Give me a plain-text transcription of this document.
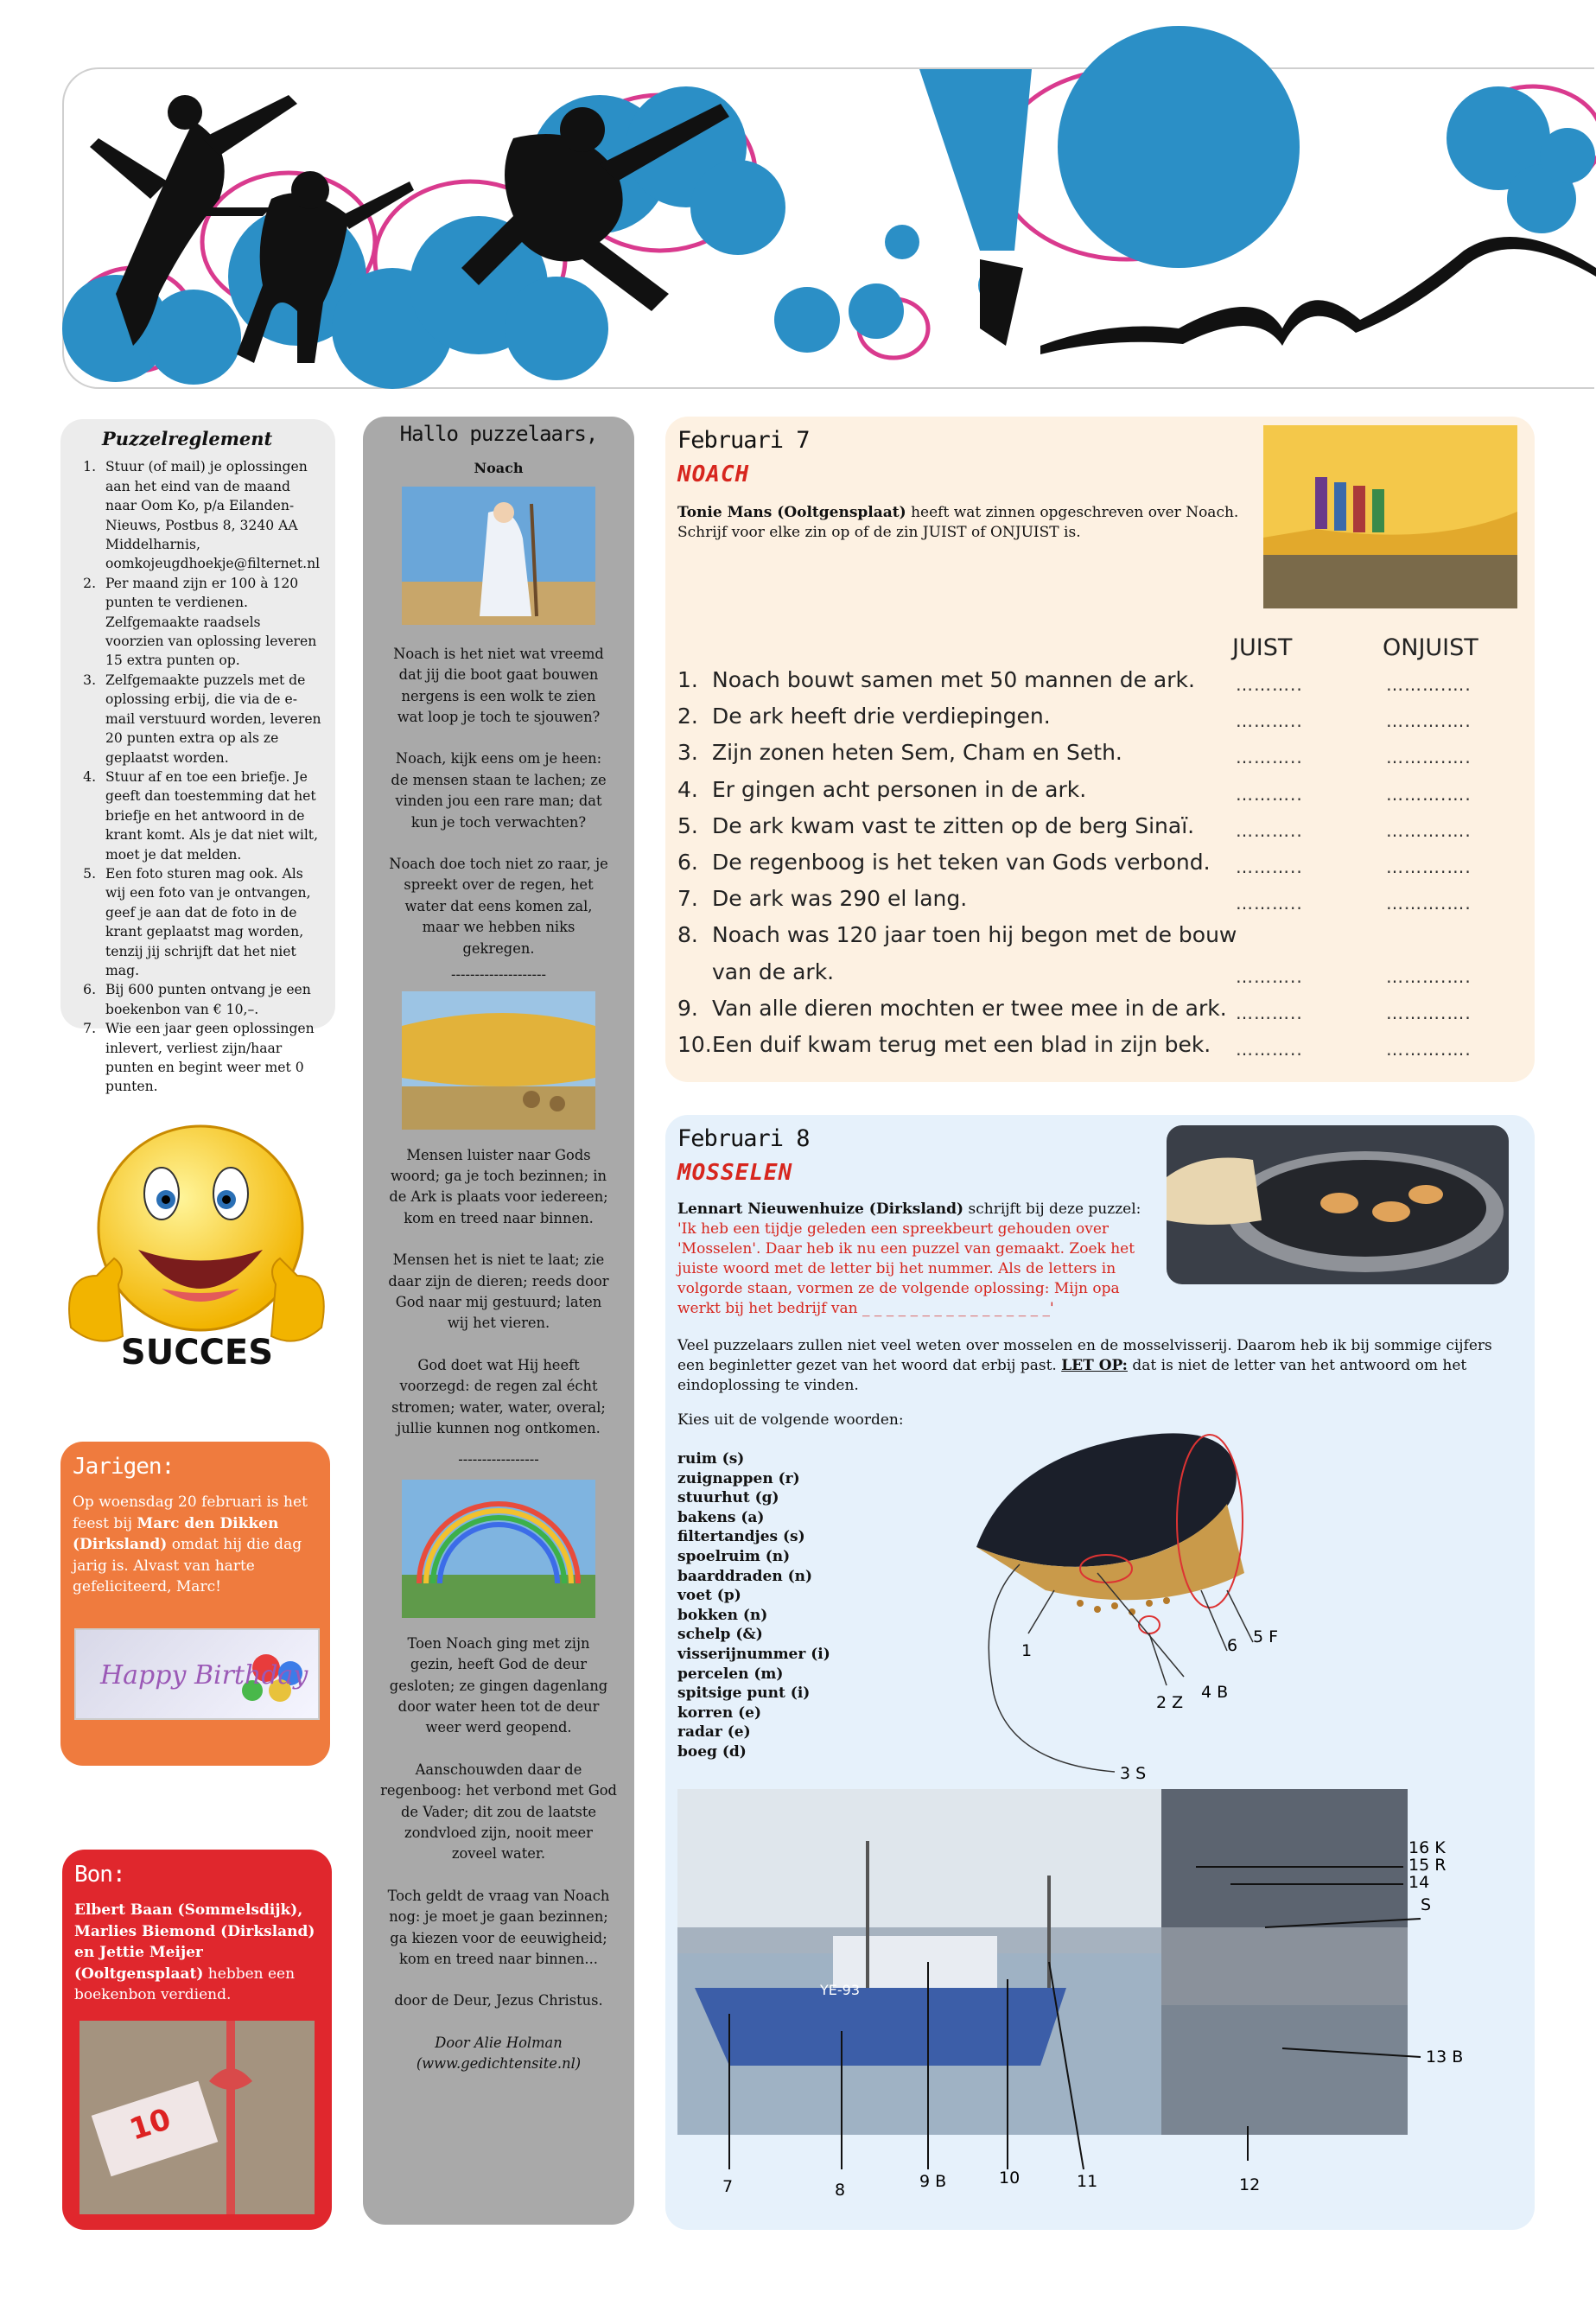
Puzzelreglement
1. Stuur (of mail) je oplossingen aan het eind van de maand naar Oom Ko, p/a Eilanden-Nieuws, Postbus 8, 3240 AA Middelharnis, oomkojeugdhoekje@filternet.nl
2. Per maand zijn er 100 à 120 punten te verdienen. Zelfgemaakte raadsels voorzien van oplossing leveren 15 extra punten op.
3. Zelfgemaakte puzzels met de oplossing erbij, die via de e-mail verstuurd worden, leveren 20 punten extra op als ze geplaatst worden.
4. Stuur af en toe een briefje. Je geeft dan toestemming dat het briefje en het antwoord in de krant komt. Als je dat niet wilt, moet je dat melden.
5. Een foto sturen mag ook. Als wij een foto van je ontvangen, geef je aan dat de foto in de krant geplaatst mag worden, tenzij jij schrijft dat het niet mag.
6. Bij 600 punten ontvang je een boekenbon van € 10,–.
7. Wie een jaar geen oplossingen inlevert, verliest zijn/haar punten en begint weer met 0 punten.
SUCCES
Jarigen:
Op woensdag 20 februari is het feest bij Marc den Dikken (Dirksland) omdat hij die dag jarig is. Alvast van harte gefeliciteerd, Marc!
Happy Birthday
Bon:
Elbert Baan (Sommelsdijk), Marlies Biemond (Dirksland) en Jettie Meijer (Ooltgensplaat) hebben een boekenbon verdiend.
10
Hallo puzzelaars,
Noach

Noach is het niet wat vreemd dat jij die boot gaat bouwen nergens is een wolk te zien wat loop je toch te sjouwen?

Noach, kijk eens om je heen: de mensen staan te lachen; ze vinden jou een rare man; dat kun je toch verwachten?

Noach doe toch niet zo raar, je spreekt over de regen, het water dat eens komen zal, maar we hebben niks gekregen.

--------------------

Mensen luister naar Gods woord; ga je toch bezinnen; in de Ark is plaats voor iedereen; kom en treed naar binnen.

Mensen het is niet te laat; zie daar zijn de dieren; reeds door God naar mij gestuurd; laten wij het vieren.

God doet wat Hij heeft voorzegd: de regen zal écht stromen; water, water, overal; jullie kunnen nog ontkomen.

-----------------

Toen Noach ging met zijn gezin, heeft God de deur gesloten; ze gingen dagenlang door water heen tot de deur weer werd geopend.

Aanschouwden daar de regenboog: het verbond met God de Vader; dit zou de laatste zondvloed zijn, nooit meer zoveel water.

Toch geldt de vraag van Noach nog: je moet je gaan bezinnen; ga kiezen voor de eeuwigheid; kom en treed naar binnen...

door de Deur, Jezus Christus.

Door Alie Holman
(www.gedichtensite.nl)
Februari 7
NOACH
Tonie Mans (Ooltgensplaat) heeft wat zinnen opgeschreven over Noach. Schrijf voor elke zin op of de zin JUIST of ONJUIST is.
JUIST	ONJUIST
1. Noach bouwt samen met 50 mannen de ark. ………..	……….….
2. De ark heeft drie verdiepingen.	………..	……….….
3. Zijn zonen heten Sem, Cham en Seth.	………..	……….….
4. Er gingen acht personen in de ark.	………..	……….….
5. De ark kwam vast te zitten op de berg Sinaï. ………..	……….….
6. De regenboog is het teken van Gods verbond. ………..	……….….
7. De ark was 290 el lang.	………..	……….….
8. Noach was 120 jaar toen hij begon met de bouw
van de ark.	………..	……….….
9. Van alle dieren mochten er twee mee in de ark. ………..	……….….
10. Een duif kwam terug met een blad in zijn bek. ………..	……….….
Februari 8
MOSSELEN
Lennart Nieuwenhuize (Dirksland) schrijft bij deze puzzel: 'Ik heb een tijdje geleden een spreekbeurt gehouden over 'Mosselen'. Daar heb ik nu een puzzel van gemaakt. Zoek het juiste woord met de letter bij het nummer. Als de letters in volgorde staan, vormen ze de volgende oplossing: Mijn opa werkt bij het bedrijf van _ _ _ _ _ _ _ _ _ _ _ _ _ _ _ _'
Veel puzzelaars zullen niet veel weten over mosselen en de mosselvisserij. Daarom heb ik bij sommige cijfers een beginletter gezet van het woord dat erbij past. LET OP: dat is niet de letter van het antwoord om het eindoplossing te vinden.
Kies uit de volgende woorden:
ruim (s)
zuignappen (r)
stuurhut (g)
bakens (a)
filtertandjes (s)
spoelruim (n)
baarddraden (n)
voet (p)
bokken (n)
schelp (&)
visserijnummer (i)
percelen (m)
spitsige punt (i)
korren (e)
radar (e)
boeg (d)
1
2 Z
3 S
4 B
5 F
6
YE-93
7	8	9 B	10	11	12
13 B
14
S
15 R
16 K
